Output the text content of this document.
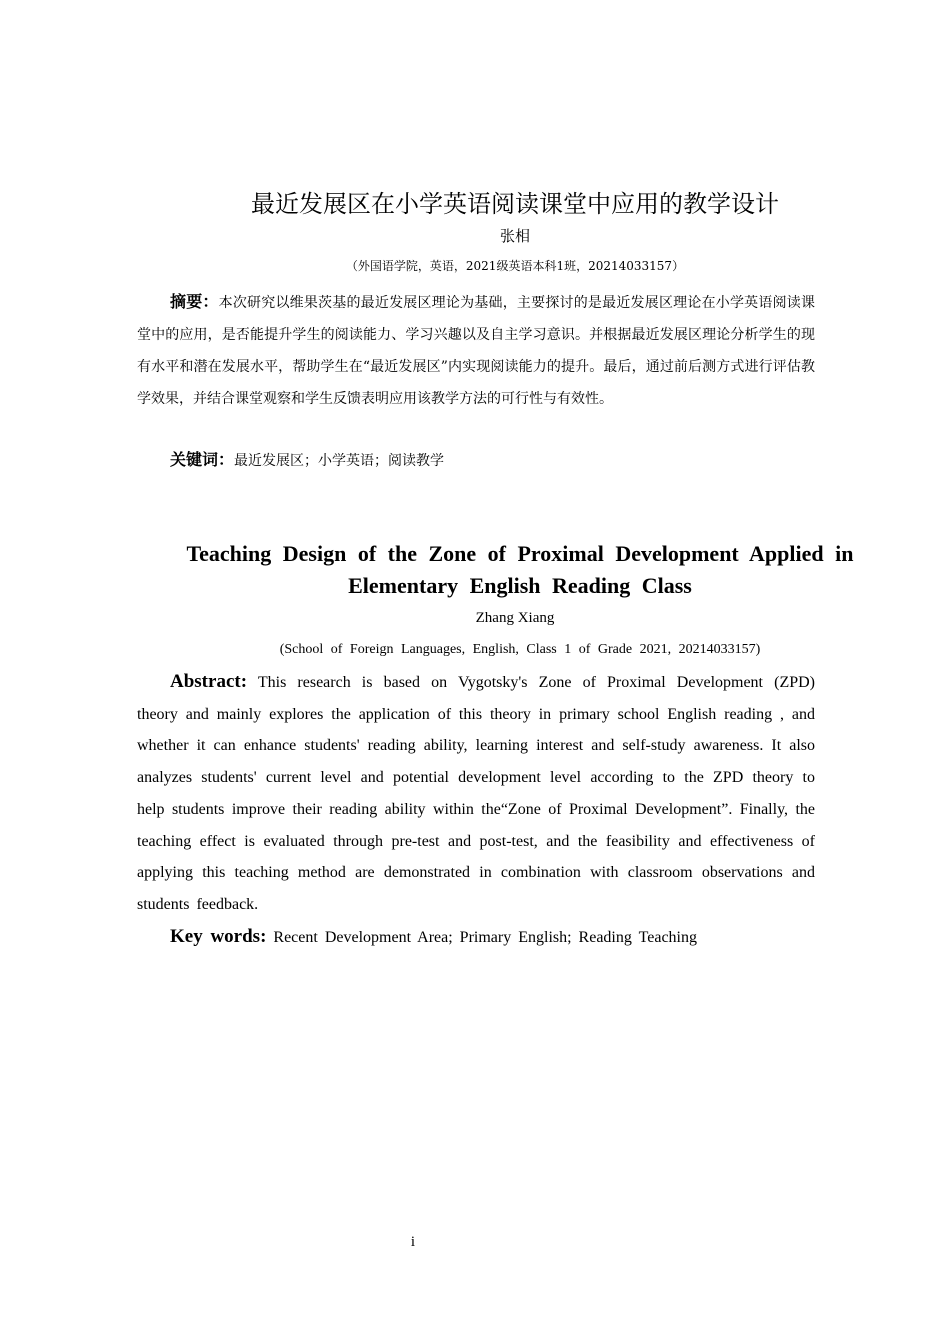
最近发展区在小学英语阅读课堂中应用的教学设计
张相
（外国语学院，英语，2021级英语本科1班，20214033157）

摘要：本次研究以维果茨基的最近发展区理论为基础，主要探讨的是最近发展区理论在小学英语阅读课堂中的应用，是否能提升学生的阅读能力、学习兴趣以及自主学习意识。并根据最近发展区理论分析学生的现有水平和潜在发展水平，帮助学生在“最近发展区”内实现阅读能力的提升。最后，通过前后测方式进行评估教学效果，并结合课堂观察和学生反馈表明应用该教学方法的可行性与有效性。

关键词：最近发展区；小学英语；阅读教学

Teaching Design of the Zone of Proximal Development Applied in Elementary English Reading Class
Zhang Xiang
(School of Foreign Languages, English, Class 1 of Grade 2021, 20214033157)

Abstract: This research is based on Vygotsky's Zone of Proximal Development (ZPD) theory and mainly explores the application of this theory in primary school English reading , and whether it can enhance students' reading ability, learning interest and self-study awareness. It also analyzes students' current level and potential development level according to the ZPD theory to help students improve their reading ability within the“Zone of Proximal Development”. Finally, the teaching effect is evaluated through pre-test and post-test, and the feasibility and effectiveness of applying this teaching method are demonstrated in combination with classroom observations and students feedback.

Key words: Recent Development Area; Primary English; Reading Teaching

i
